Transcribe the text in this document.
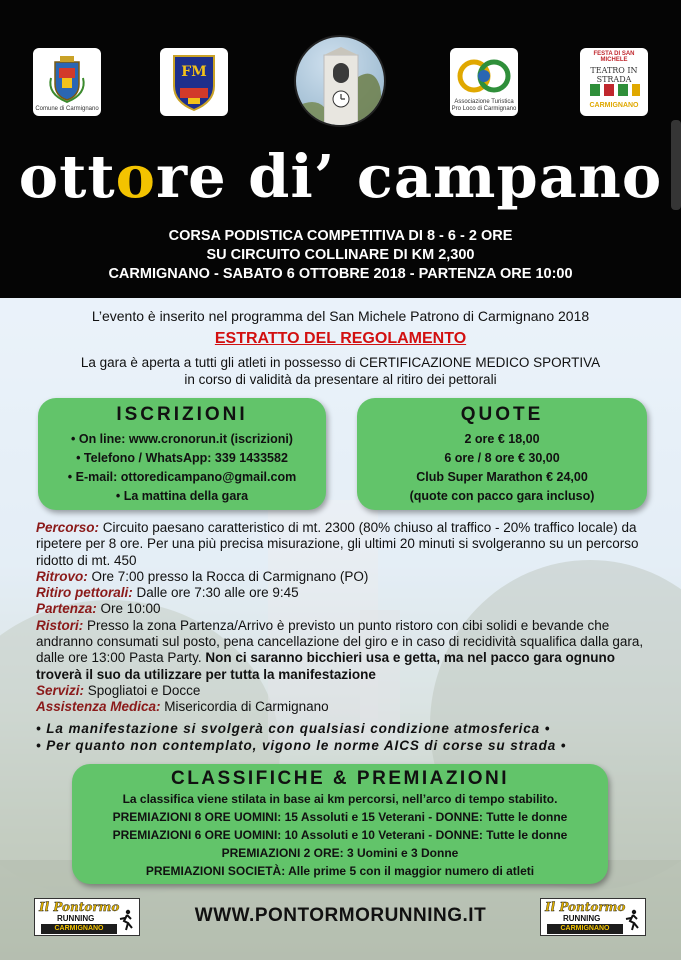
Comune di Carmignano
FM
Associazione Turistica Pro Loco di Carmignano
FESTA DI SAN MICHELE
TEATRO IN STRADA
CARMIGNANO
ottore di’ campano
CORSA PODISTICA COMPETITIVA DI 8 - 6 - 2 ORE
SU CIRCUITO COLLINARE DI KM 2,300
CARMIGNANO - SABATO 6 OTTOBRE 2018 - PARTENZA ORE 10:00
L’evento è inserito nel programma del San Michele Patrono di Carmignano 2018
ESTRATTO DEL REGOLAMENTO
La gara è aperta a tutti gli atleti in possesso di CERTIFICAZIONE MEDICO SPORTIVA
in corso di validità da presentare al ritiro dei pettorali
ISCRIZIONI
• On line: www.cronorun.it (iscrizioni)
• Telefono / WhatsApp: 339 1433582
• E-mail: ottoredicampano@gmail.com
• La mattina della gara
QUOTE
2 ore € 18,00
6 ore / 8 ore € 30,00
Club Super Marathon € 24,00
(quote con pacco gara incluso)
Percorso: Circuito paesano caratteristico di mt. 2300 (80% chiuso al traffico - 20% traffico locale) da ripetere per 8 ore. Per una più precisa misurazione, gli ultimi 20 minuti si svolgeranno su un percorso ridotto di mt. 450
Ritrovo: Ore 7:00 presso la Rocca di Carmignano (PO)
Ritiro pettorali: Dalle ore 7:30 alle ore 9:45
Partenza: Ore 10:00
Ristori: Presso la zona Partenza/Arrivo è previsto un punto ristoro con cibi solidi e bevande che andranno consumati sul posto, pena cancellazione del giro e in caso di recidività squalifica dalla gara, dalle ore 13:00 Pasta Party. Non ci saranno bicchieri usa e getta, ma nel pacco gara ognuno troverà il suo da utilizzare per tutta la manifestazione
Servizi: Spogliatoi e Docce
Assistenza Medica: Misericordia di Carmignano
• La manifestazione si svolgerà con qualsiasi condizione atmosferica •
• Per quanto non contemplato, vigono le norme AICS di corse su strada •
CLASSIFICHE & PREMIAZIONI
La classifica viene stilata in base ai km percorsi, nell’arco di tempo stabilito.
PREMIAZIONI 8 ORE UOMINI: 15 Assoluti e 15 Veterani - DONNE: Tutte le donne
PREMIAZIONI 6 ORE UOMINI: 10 Assoluti e 10 Veterani - DONNE: Tutte le donne
PREMIAZIONI 2 ORE: 3 Uomini e 3 Donne
PREMIAZIONI SOCIETÀ: Alle prime 5 con il maggior numero di atleti
Il Pontormo
RUNNING
CARMIGNANO
WWW.PONTORMORUNNING.IT	Il Pontormo
RUNNING
CARMIGNANO
